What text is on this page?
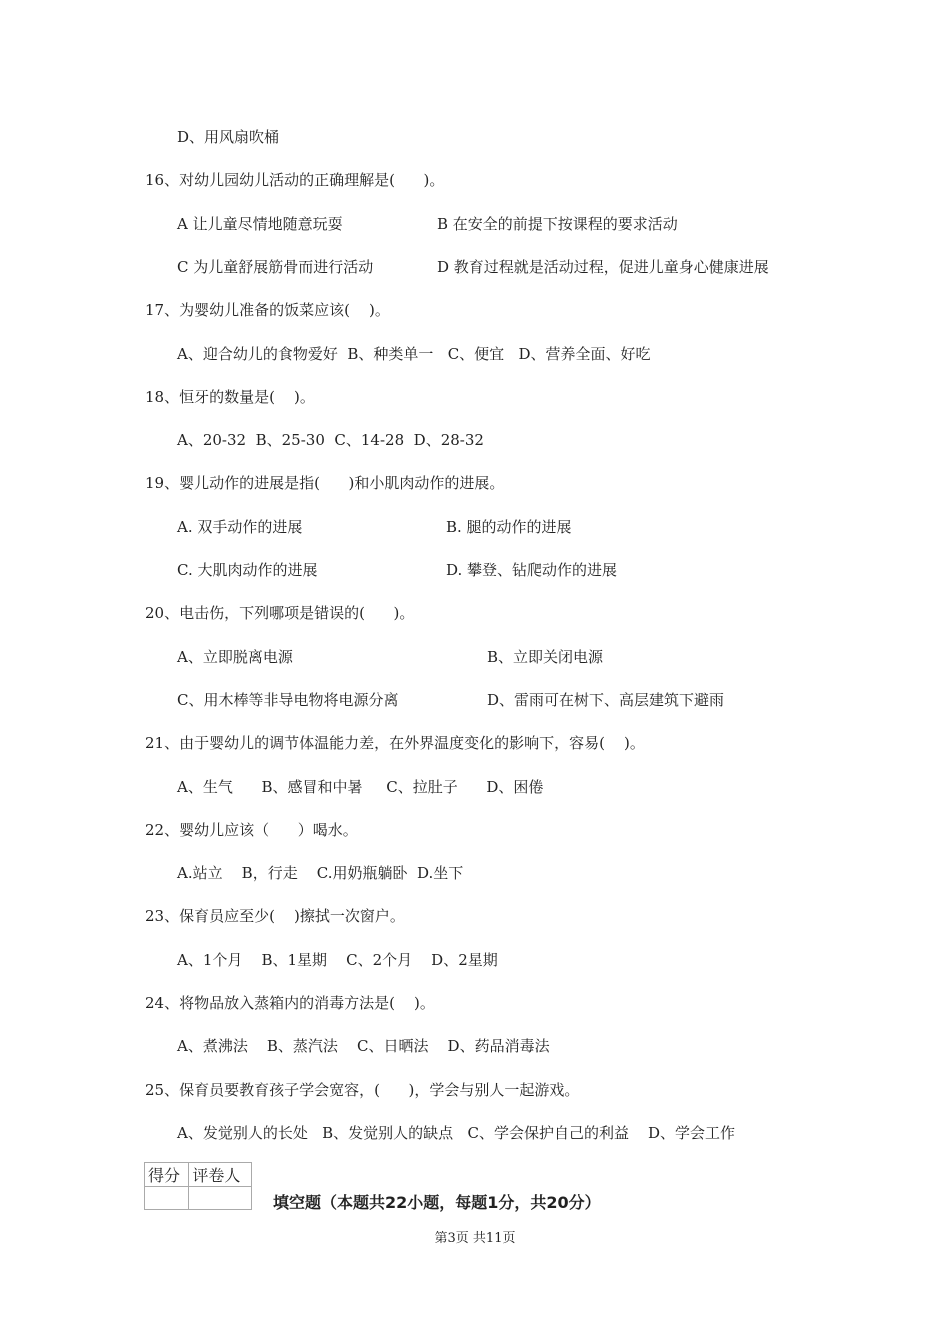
D、用风扇吹桶
16、对幼儿园幼儿活动的正确理解是(      )。
A 让儿童尽情地随意玩耍	B 在安全的前提下按课程的要求活动
C 为儿童舒展筋骨而进行活动	D 教育过程就是活动过程，促进儿童身心健康进展
17、为婴幼儿准备的饭菜应该(    )。
A、迎合幼儿的食物爱好  B、种类单一   C、便宜   D、营养全面、好吃
18、恒牙的数量是(    )。
A、20-32  B、25-30  C、14-28  D、28-32
19、婴儿动作的进展是指(      )和小肌肉动作的进展。
A. 双手动作的进展	B. 腿的动作的进展
C. 大肌肉动作的进展	D. 攀登、钻爬动作的进展
20、电击伤，下列哪项是错误的(      )。
A、立即脱离电源	B、立即关闭电源
C、用木棒等非导电物将电源分离	D、雷雨可在树下、高层建筑下避雨
21、由于婴幼儿的调节体温能力差，在外界温度变化的影响下，容易(    )。
A、生气      B、感冒和中暑     C、拉肚子      D、困倦
22、婴幼儿应该（      ）喝水。
A.站立    B，行走    C.用奶瓶躺卧  D.坐下
23、保育员应至少(    )擦拭一次窗户。
A、1个月    B、1星期    C、2个月    D、2星期
24、将物品放入蒸箱内的消毒方法是(    )。
A、煮沸法    B、蒸汽法    C、日晒法    D、药品消毒法
25、保育员要教育孩子学会宽容，(      )，学会与别人一起游戏。
A、发觉别人的长处   B、发觉别人的缺点   C、学会保护自己的利益    D、学会工作
得分	评卷人

填空题（本题共22小题，每题1分，共20分）
第3页 共11页
